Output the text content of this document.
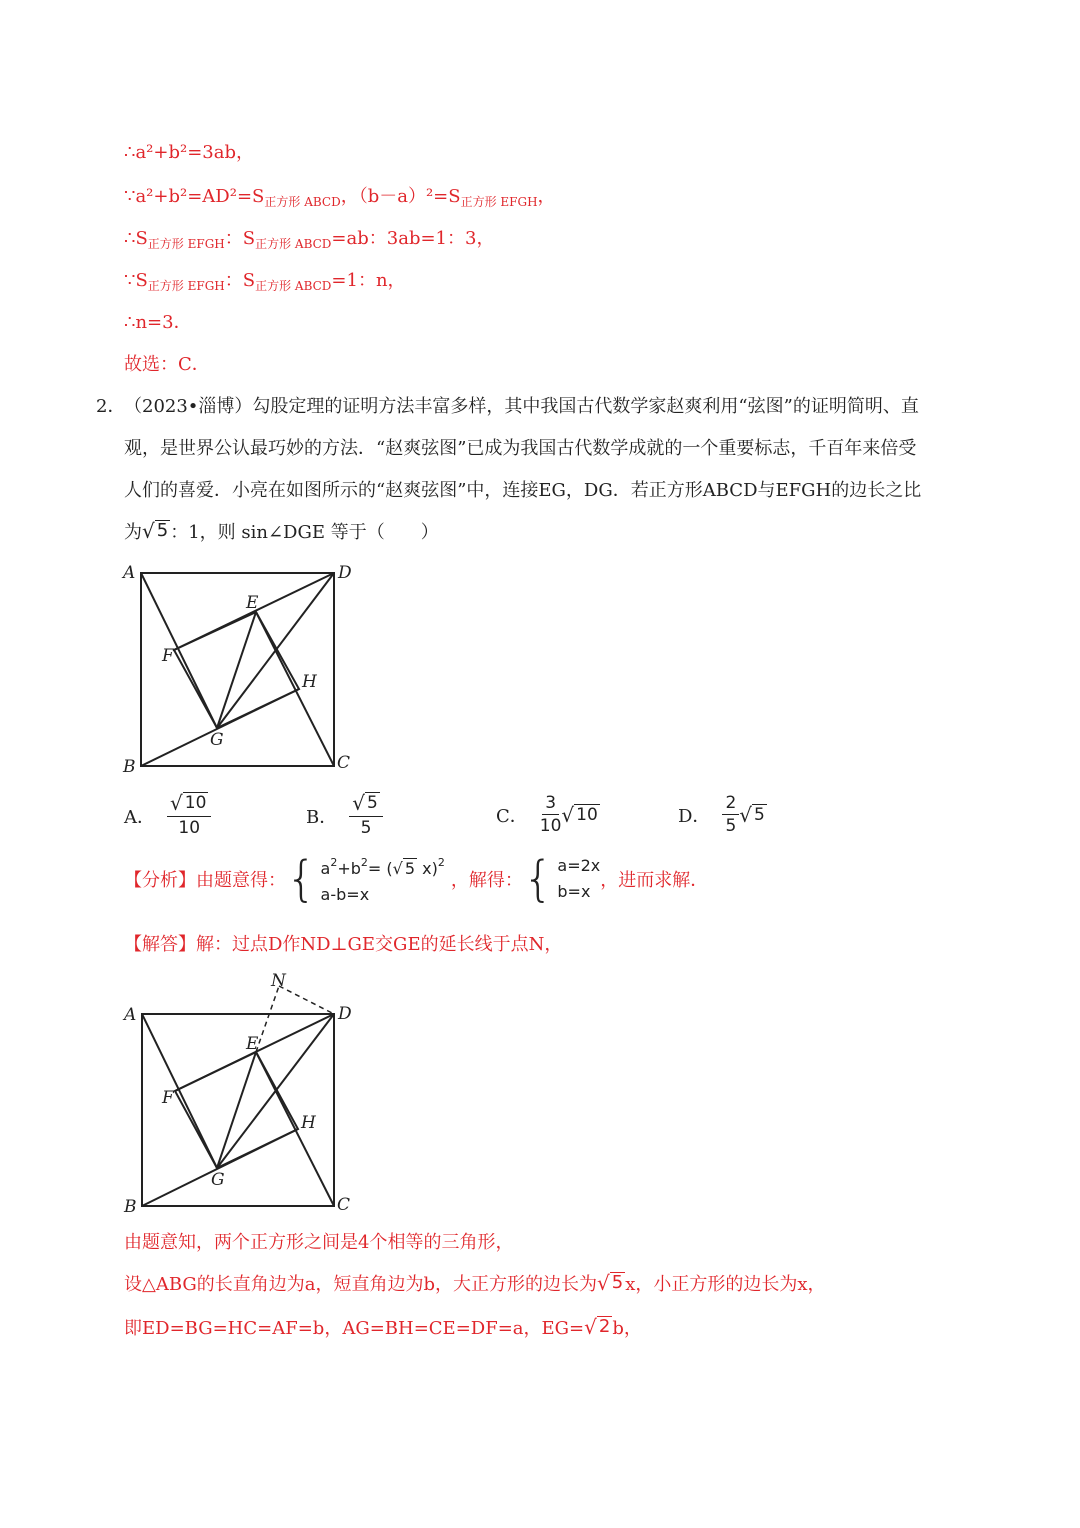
∴a²+b²=3ab，
$\because a^2+b^2=AD^2=S_{正方形 ABCD}$，$(b-a)^2=S_{正方形 EFGH}$，
$\therefore S_{正方形 EFGH}$：$S_{正方形 ABCD}=ab$：3ab=1：3，
$\because S_{正方形 EFGH}$：$S_{正方形 ABCD}=1$：n，
∴n=3．
故选：C．
2．
（2023•淄博）勾股定理的证明方法丰富多样，其中我国古代数学家赵爽利用“弦图”的证明简明、直
观，是世界公认最巧妙的方法．“赵爽弦图”已成为我国古代数学成就的一个重要标志，千百年来倍受
人们的喜爱．小亮在如图所示的“赵爽弦图”中，连接EG，DG．若正方形ABCD与EFGH的边长之比
为 √ 5 ：1，则 sin∠DGE 等于（　　）
A	D
B	C
E
F
G
H
A． $\frac{√ 10}{10}$	B． $\frac{√ 5}{5}$	C． $\frac{3}{10}$ √ 10	D． $\frac{2}{5}$ √ 5
【分析】 由题意得： { $a^2+b^2=$ ( √ 5 x)$^2$
a-b=x
，解得： { a=2x
b=x
，进而求解．
【解答】解：过点D作ND⊥GE交GE的延长线于点N，
N
A	D
B	C
E
F
G
H
由题意知，两个正方形之间是4个相等的三角形，
设△ABG的长直角边为a，短直角边为b，大正方形的边长为 √ 5 x，小正方形的边长为x，
即ED=BG=HC=AF=b，AG=BH=CE=DF=a，EG= √ 2 b，
